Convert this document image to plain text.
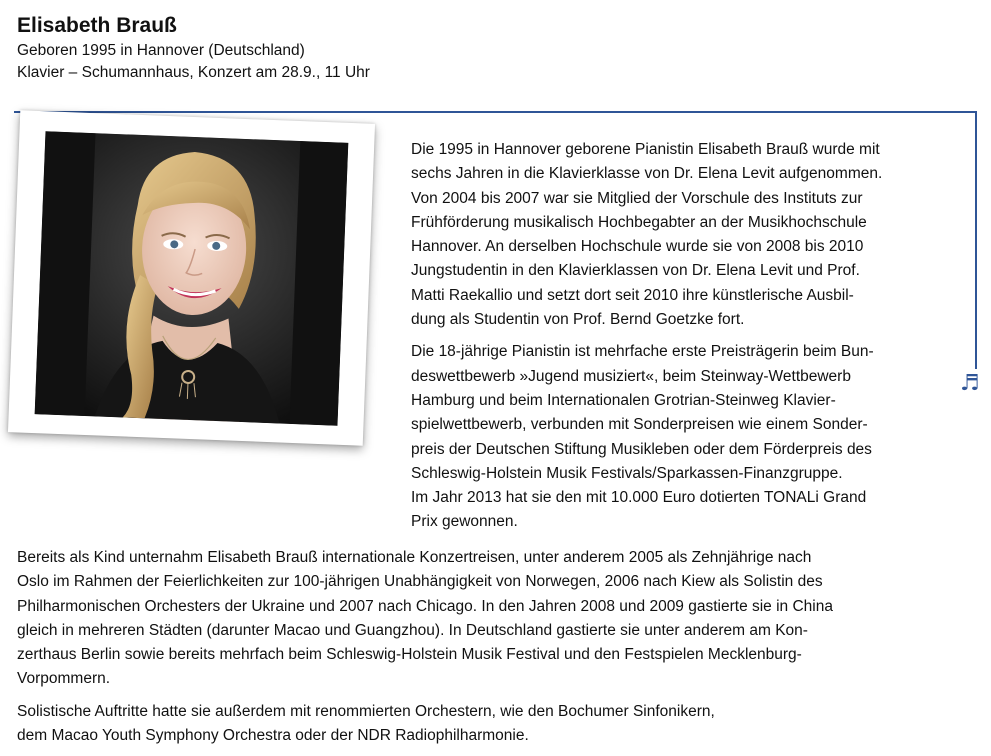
Elisabeth Brauß
Geboren 1995 in Hannover (Deutschland)
Klavier – Schumannhaus, Konzert am 28.9., 11 Uhr
♬

Die 1995 in Hannover geborene Pianistin Elisabeth Brauß wurde mit
sechs Jahren in die Klavierklasse von Dr. Elena Levit aufgenommen.
Von 2004 bis 2007 war sie Mitglied der Vorschule des Instituts zur
Frühförderung musikalisch Hochbegabter an der Musikhochschule
Hannover. An derselben Hochschule wurde sie von 2008 bis 2010
Jungstudentin in den Klavierklassen von Dr. Elena Levit und Prof.
Matti Raekallio und setzt dort seit 2010 ihre künstlerische Ausbil-
dung als Studentin von Prof. Bernd Goetzke fort.

Die 18-jährige Pianistin ist mehrfache erste Preisträgerin beim Bun-
deswettbewerb »Jugend musiziert«, beim Steinway-Wettbewerb
Hamburg und beim Internationalen Grotrian-Steinweg Klavier-
spielwettbewerb, verbunden mit Sonderpreisen wie einem Sonder-
preis der Deutschen Stiftung Musikleben oder dem Förderpreis des
Schleswig-Holstein Musik Festivals/Sparkassen-Finanzgruppe.
Im Jahr 2013 hat sie den mit 10.000 Euro dotierten TONALi Grand
Prix gewonnen.

Bereits als Kind unternahm Elisabeth Brauß internationale Konzertreisen, unter anderem 2005 als Zehnjährige nach
Oslo im Rahmen der Feierlichkeiten zur 100-jährigen Unabhängigkeit von Norwegen, 2006 nach Kiew als Solistin des
Philharmonischen Orchesters der Ukraine und 2007 nach Chicago. In den Jahren 2008 und 2009 gastierte sie in China
gleich in mehreren Städten (darunter Macao und Guangzhou). In Deutschland gastierte sie unter anderem am Kon-
zerthaus Berlin sowie bereits mehrfach beim Schleswig-Holstein Musik Festival und den Festspielen Mecklenburg-
Vorpommern.

Solistische Auftritte hatte sie außerdem mit renommierten Orchestern, wie den Bochumer Sinfonikern,
dem Macao Youth Symphony Orchestra oder der NDR Radiophilharmonie.
